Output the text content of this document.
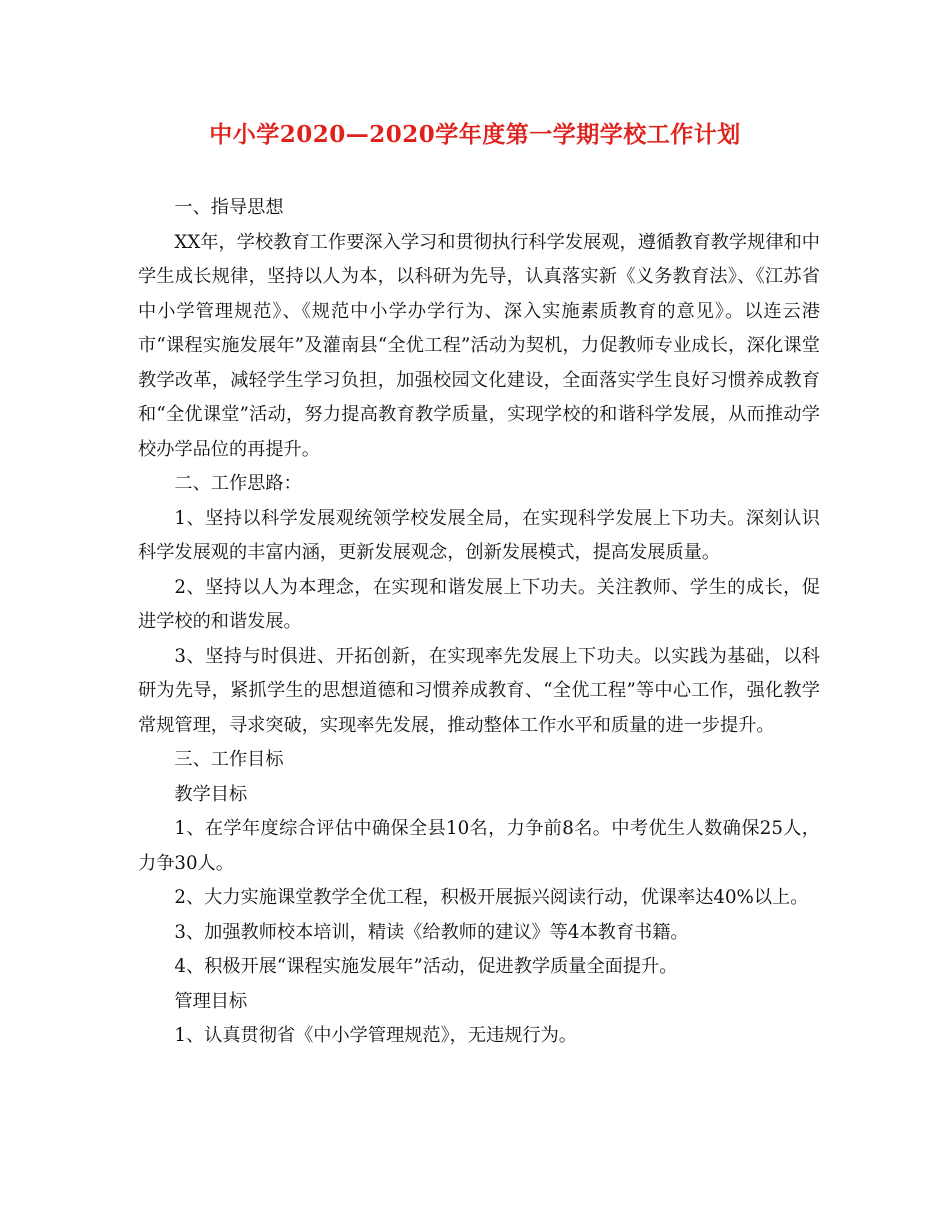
中小学2020—2020学年度第一学期学校工作计划

一、指导思想

XX年，学校教育工作要深入学习和贯彻执行科学发展观，遵循教育教学规律和中学生成长规律，坚持以人为本，以科研为先导，认真落实新《义务教育法》、《江苏省中小学管理规范》、《规范中小学办学行为、深入实施素质教育的意见》。以连云港市“课程实施发展年”及灌南县“全优工程”活动为契机，力促教师专业成长，深化课堂教学改革，减轻学生学习负担，加强校园文化建设，全面落实学生良好习惯养成教育和“全优课堂”活动，努力提高教育教学质量，实现学校的和谐科学发展，从而推动学校办学品位的再提升。

二、工作思路：

1、坚持以科学发展观统领学校发展全局，在实现科学发展上下功夫。深刻认识科学发展观的丰富内涵，更新发展观念，创新发展模式，提高发展质量。

2、坚持以人为本理念，在实现和谐发展上下功夫。关注教师、学生的成长，促进学校的和谐发展。

3、坚持与时俱进、开拓创新，在实现率先发展上下功夫。以实践为基础，以科研为先导，紧抓学生的思想道德和习惯养成教育、“全优工程”等中心工作，强化教学常规管理，寻求突破，实现率先发展，推动整体工作水平和质量的进一步提升。

三、工作目标

教学目标

1、在学年度综合评估中确保全县10名，力争前8名。中考优生人数确保25人，力争30人。

2、大力实施课堂教学全优工程，积极开展振兴阅读行动，优课率达40%以上。

3、加强教师校本培训，精读《给教师的建议》等4本教育书籍。

4、积极开展“课程实施发展年”活动，促进教学质量全面提升。

管理目标

1、认真贯彻省《中小学管理规范》，无违规行为。
